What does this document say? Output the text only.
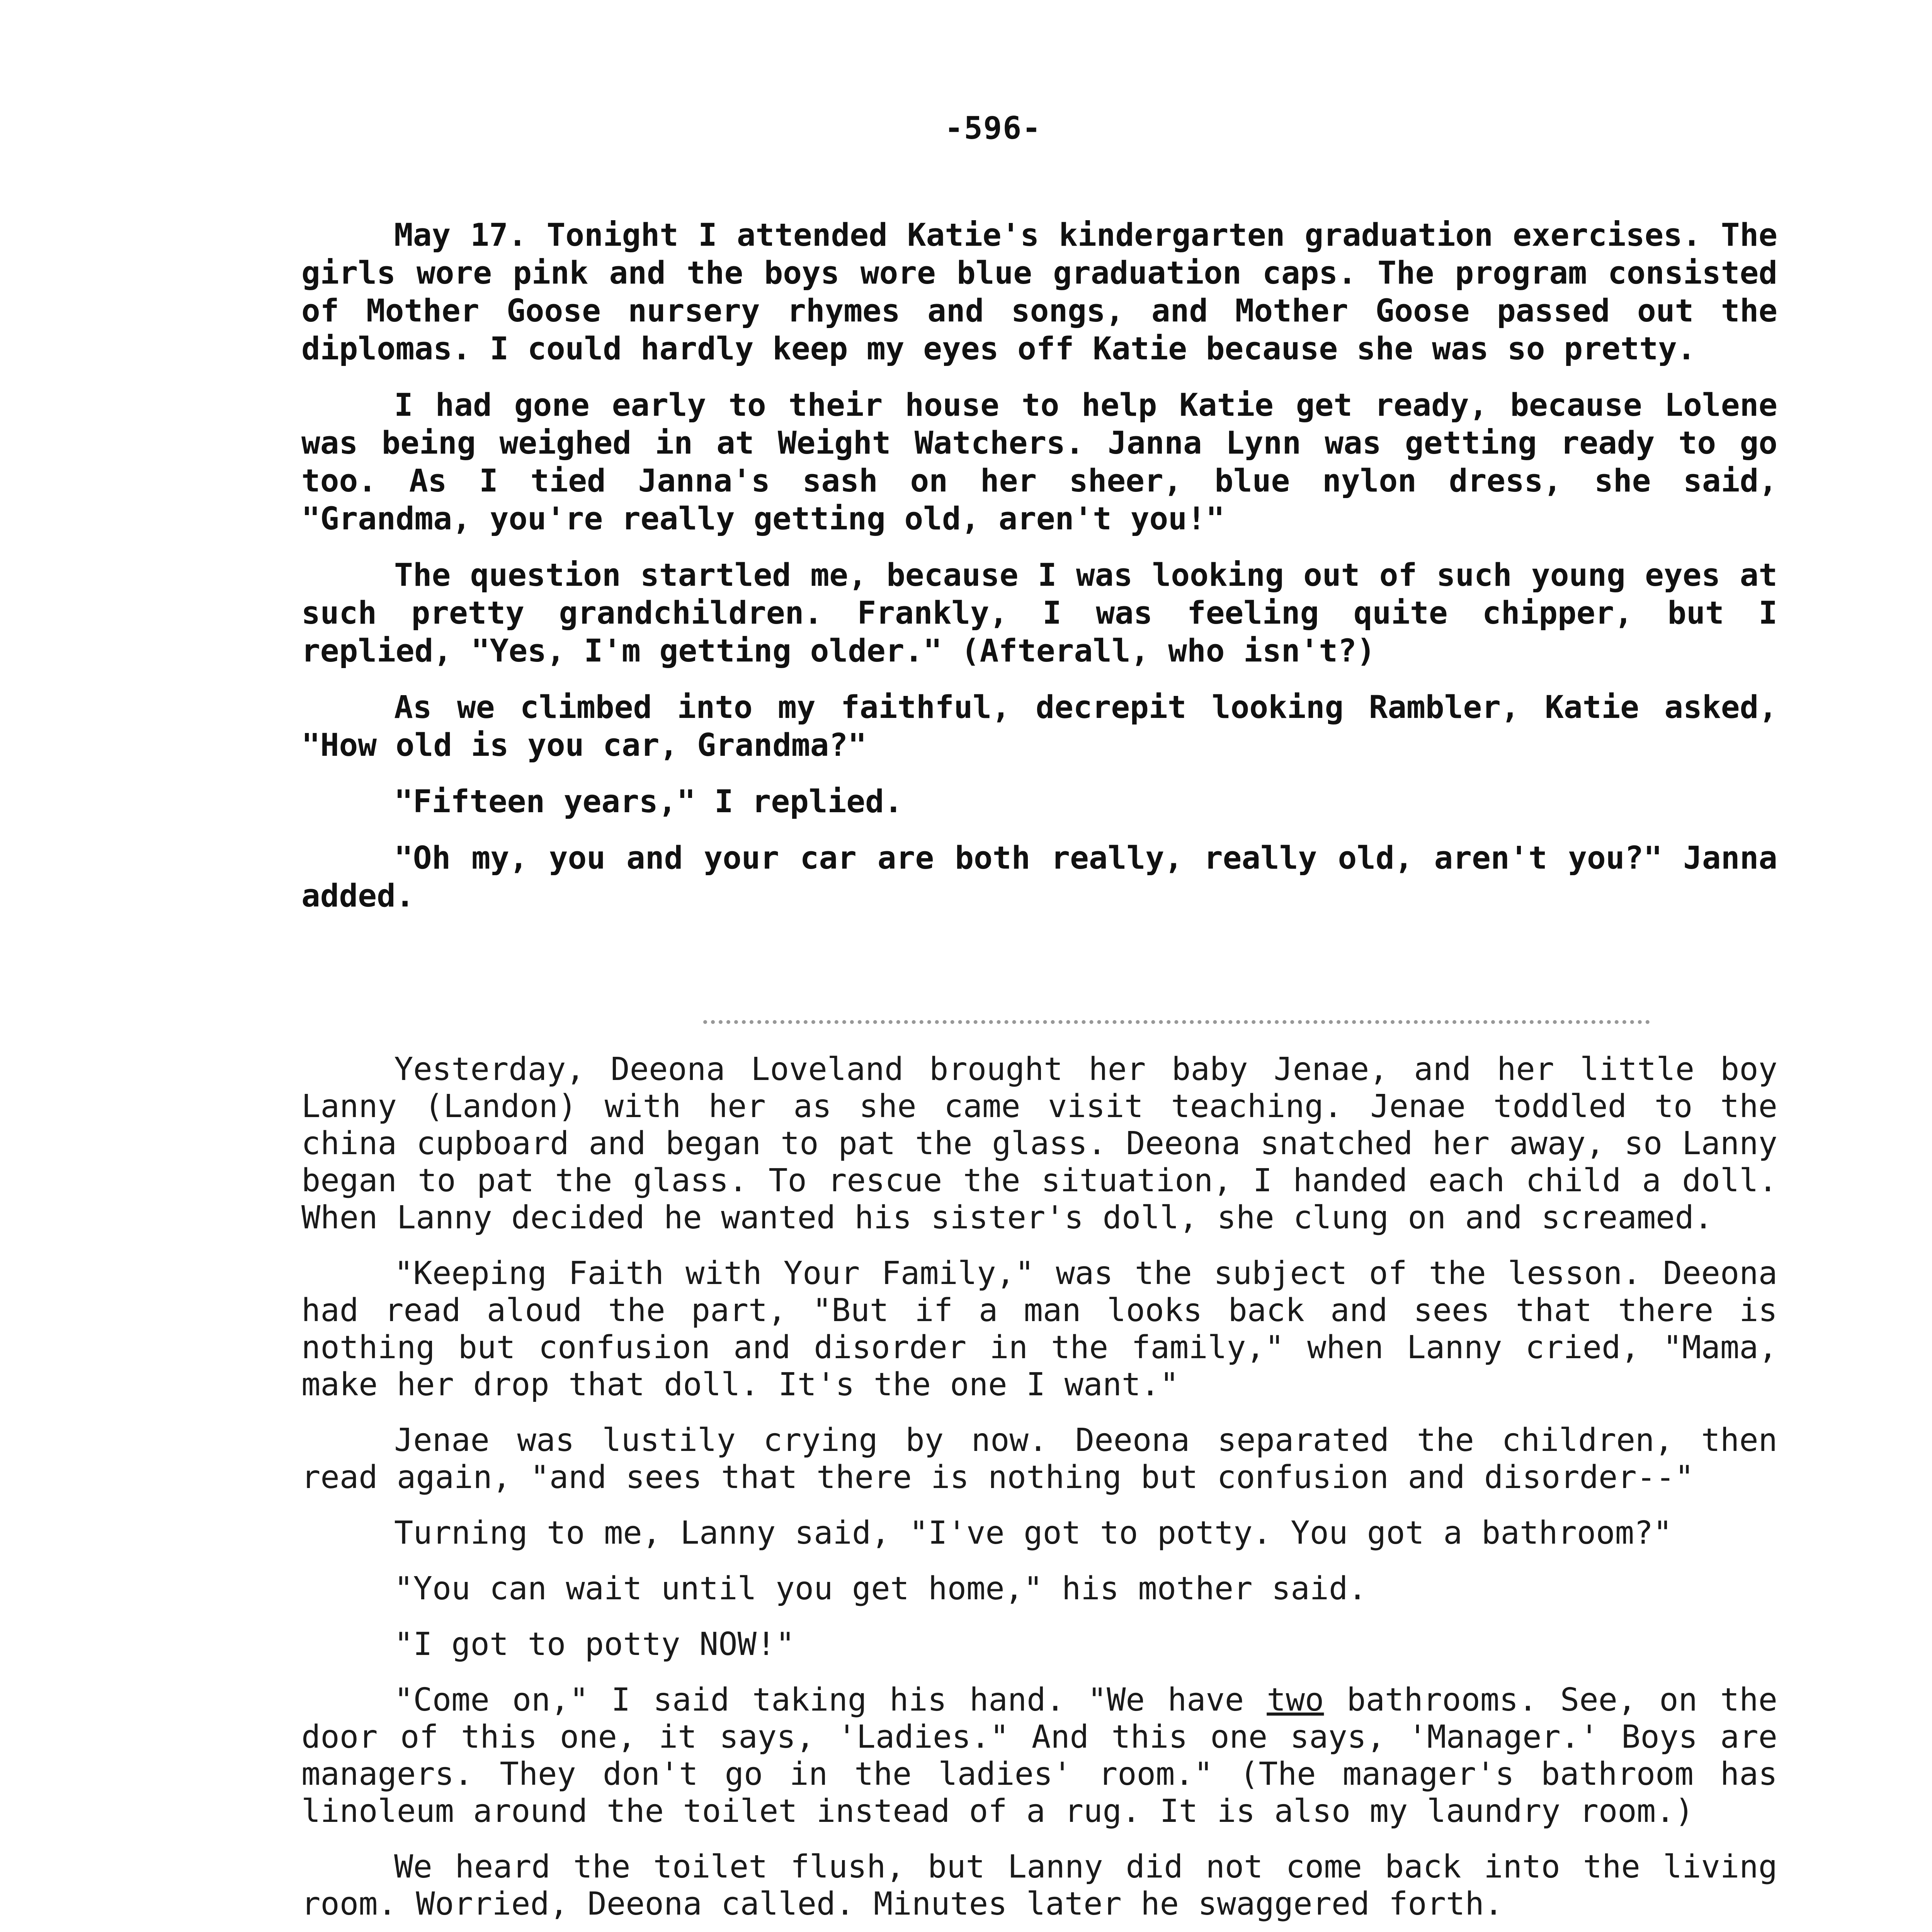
-596-

May 17. Tonight I attended Katie's kindergarten graduation exercises. The girls wore pink and the boys wore blue graduation caps. The program consisted of Mother Goose nursery rhymes and songs, and Mother Goose passed out the diplomas. I could hardly keep my eyes off Katie because she was so pretty.

I had gone early to their house to help Katie get ready, because Lolene was being weighed in at Weight Watchers. Janna Lynn was getting ready to go too. As I tied Janna's sash on her sheer, blue nylon dress, she said, "Grandma, you're really getting old, aren't you!"

The question startled me, because I was looking out of such young eyes at such pretty grandchildren. Frankly, I was feeling quite chipper, but I replied, "Yes, I'm getting older." (Afterall, who isn't?)

As we climbed into my faithful, decrepit looking Rambler, Katie asked, "How old is you car, Grandma?"

"Fifteen years," I replied.

"Oh my, you and your car are both really, really old, aren't you?" Janna added.

Yesterday, Deeona Loveland brought her baby Jenae, and her little boy Lanny (Landon) with her as she came visit teaching. Jenae toddled to the china cupboard and began to pat the glass. Deeona snatched her away, so Lanny began to pat the glass. To rescue the situation, I handed each child a doll. When Lanny decided he wanted his sister's doll, she clung on and screamed.

"Keeping Faith with Your Family," was the subject of the lesson. Deeona had read aloud the part, "But if a man looks back and sees that there is nothing but confusion and disorder in the family," when Lanny cried, "Mama, make her drop that doll. It's the one I want."

Jenae was lustily crying by now. Deeona separated the children, then read again, "and sees that there is nothing but confusion and disorder--"

Turning to me, Lanny said, "I've got to potty. You got a bathroom?"

"You can wait until you get home," his mother said.

"I got to potty NOW!"

"Come on," I said taking his hand. "We have two bathrooms. See, on the door of this one, it says, 'Ladies." And this one says, 'Manager.' Boys are managers. They don't go in the ladies' room." (The manager's bathroom has linoleum around the toilet instead of a rug. It is also my laundry room.)

We heard the toilet flush, but Lanny did not come back into the living room. Worried, Deeona called. Minutes later he swaggered forth.
